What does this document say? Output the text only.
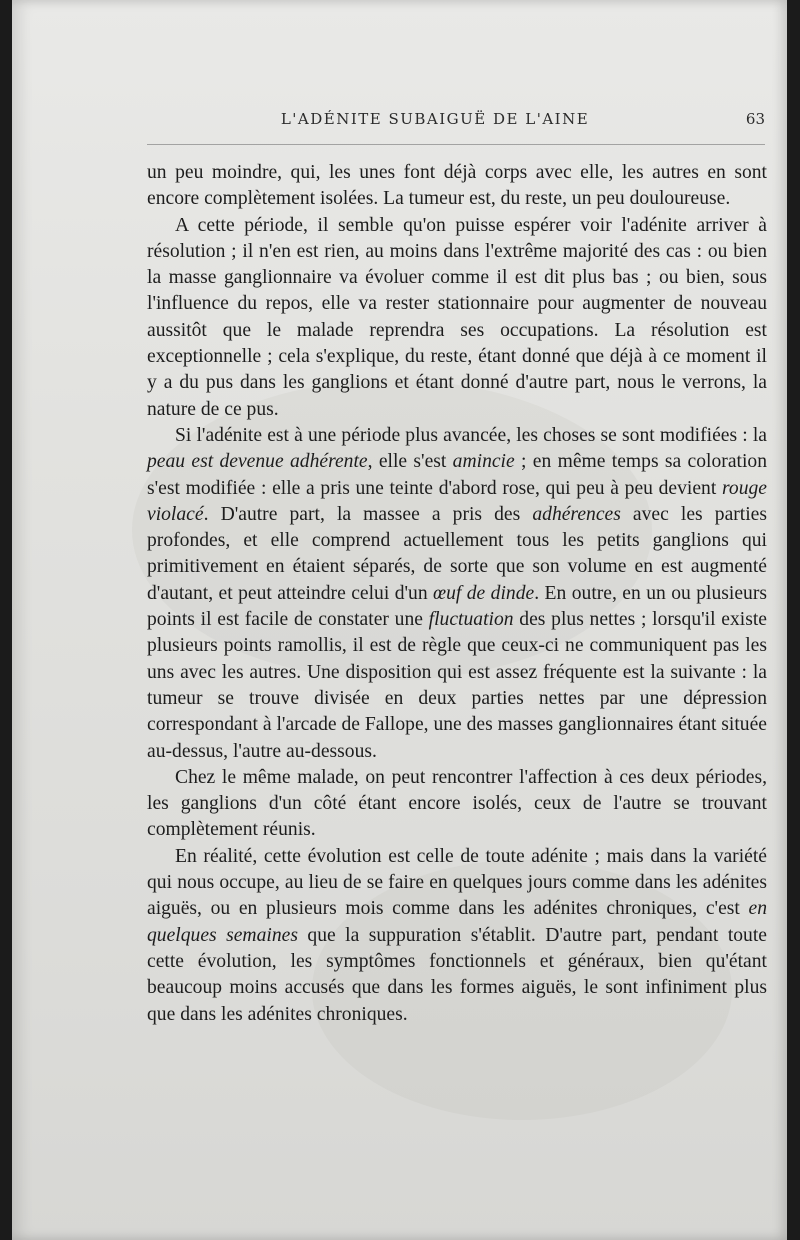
L'ADÉNITE SUBAIGUË DE L'AINE	63

un peu moindre, qui, les unes font déjà corps avec elle, les autres en sont encore complètement isolées. La tumeur est, du reste, un peu douloureuse.

A cette période, il semble qu'on puisse espérer voir l'adénite arriver à résolution ; il n'en est rien, au moins dans l'extrême majorité des cas : ou bien la masse ganglionnaire va évoluer comme il est dit plus bas ; ou bien, sous l'influence du repos, elle va rester stationnaire pour augmenter de nouveau aussitôt que le malade reprendra ses occupations. La résolution est exceptionnelle ; cela s'explique, du reste, étant donné que déjà à ce moment il y a du pus dans les ganglions et étant donné d'autre part, nous le verrons, la nature de ce pus.

Si l'adénite est à une période plus avancée, les choses se sont modifiées : la peau est devenue adhérente, elle s'est amincie ; en même temps sa coloration s'est modifiée : elle a pris une teinte d'abord rose, qui peu à peu devient rouge violacé. D'autre part, la massee a pris des adhérences avec les parties profondes, et elle comprend actuellement tous les petits ganglions qui primitivement en étaient séparés, de sorte que son volume en est augmenté d'autant, et peut atteindre celui d'un œuf de dinde. En outre, en un ou plusieurs points il est facile de constater une fluctuation des plus nettes ; lorsqu'il existe plusieurs points ramollis, il est de règle que ceux-ci ne communiquent pas les uns avec les autres. Une disposition qui est assez fréquente est la suivante : la tumeur se trouve divisée en deux parties nettes par une dépression correspondant à l'arcade de Fallope, une des masses ganglionnaires étant située au-dessus, l'autre au-dessous.

Chez le même malade, on peut rencontrer l'affection à ces deux périodes, les ganglions d'un côté étant encore isolés, ceux de l'autre se trouvant complètement réunis.

En réalité, cette évolution est celle de toute adénite ; mais dans la variété qui nous occupe, au lieu de se faire en quelques jours comme dans les adénites aiguës, ou en plusieurs mois comme dans les adénites chroniques, c'est en quelques semaines que la suppuration s'établit. D'autre part, pendant toute cette évolution, les symptômes fonctionnels et généraux, bien qu'étant beaucoup moins accusés que dans les formes aiguës, le sont infiniment plus que dans les adénites chroniques.
